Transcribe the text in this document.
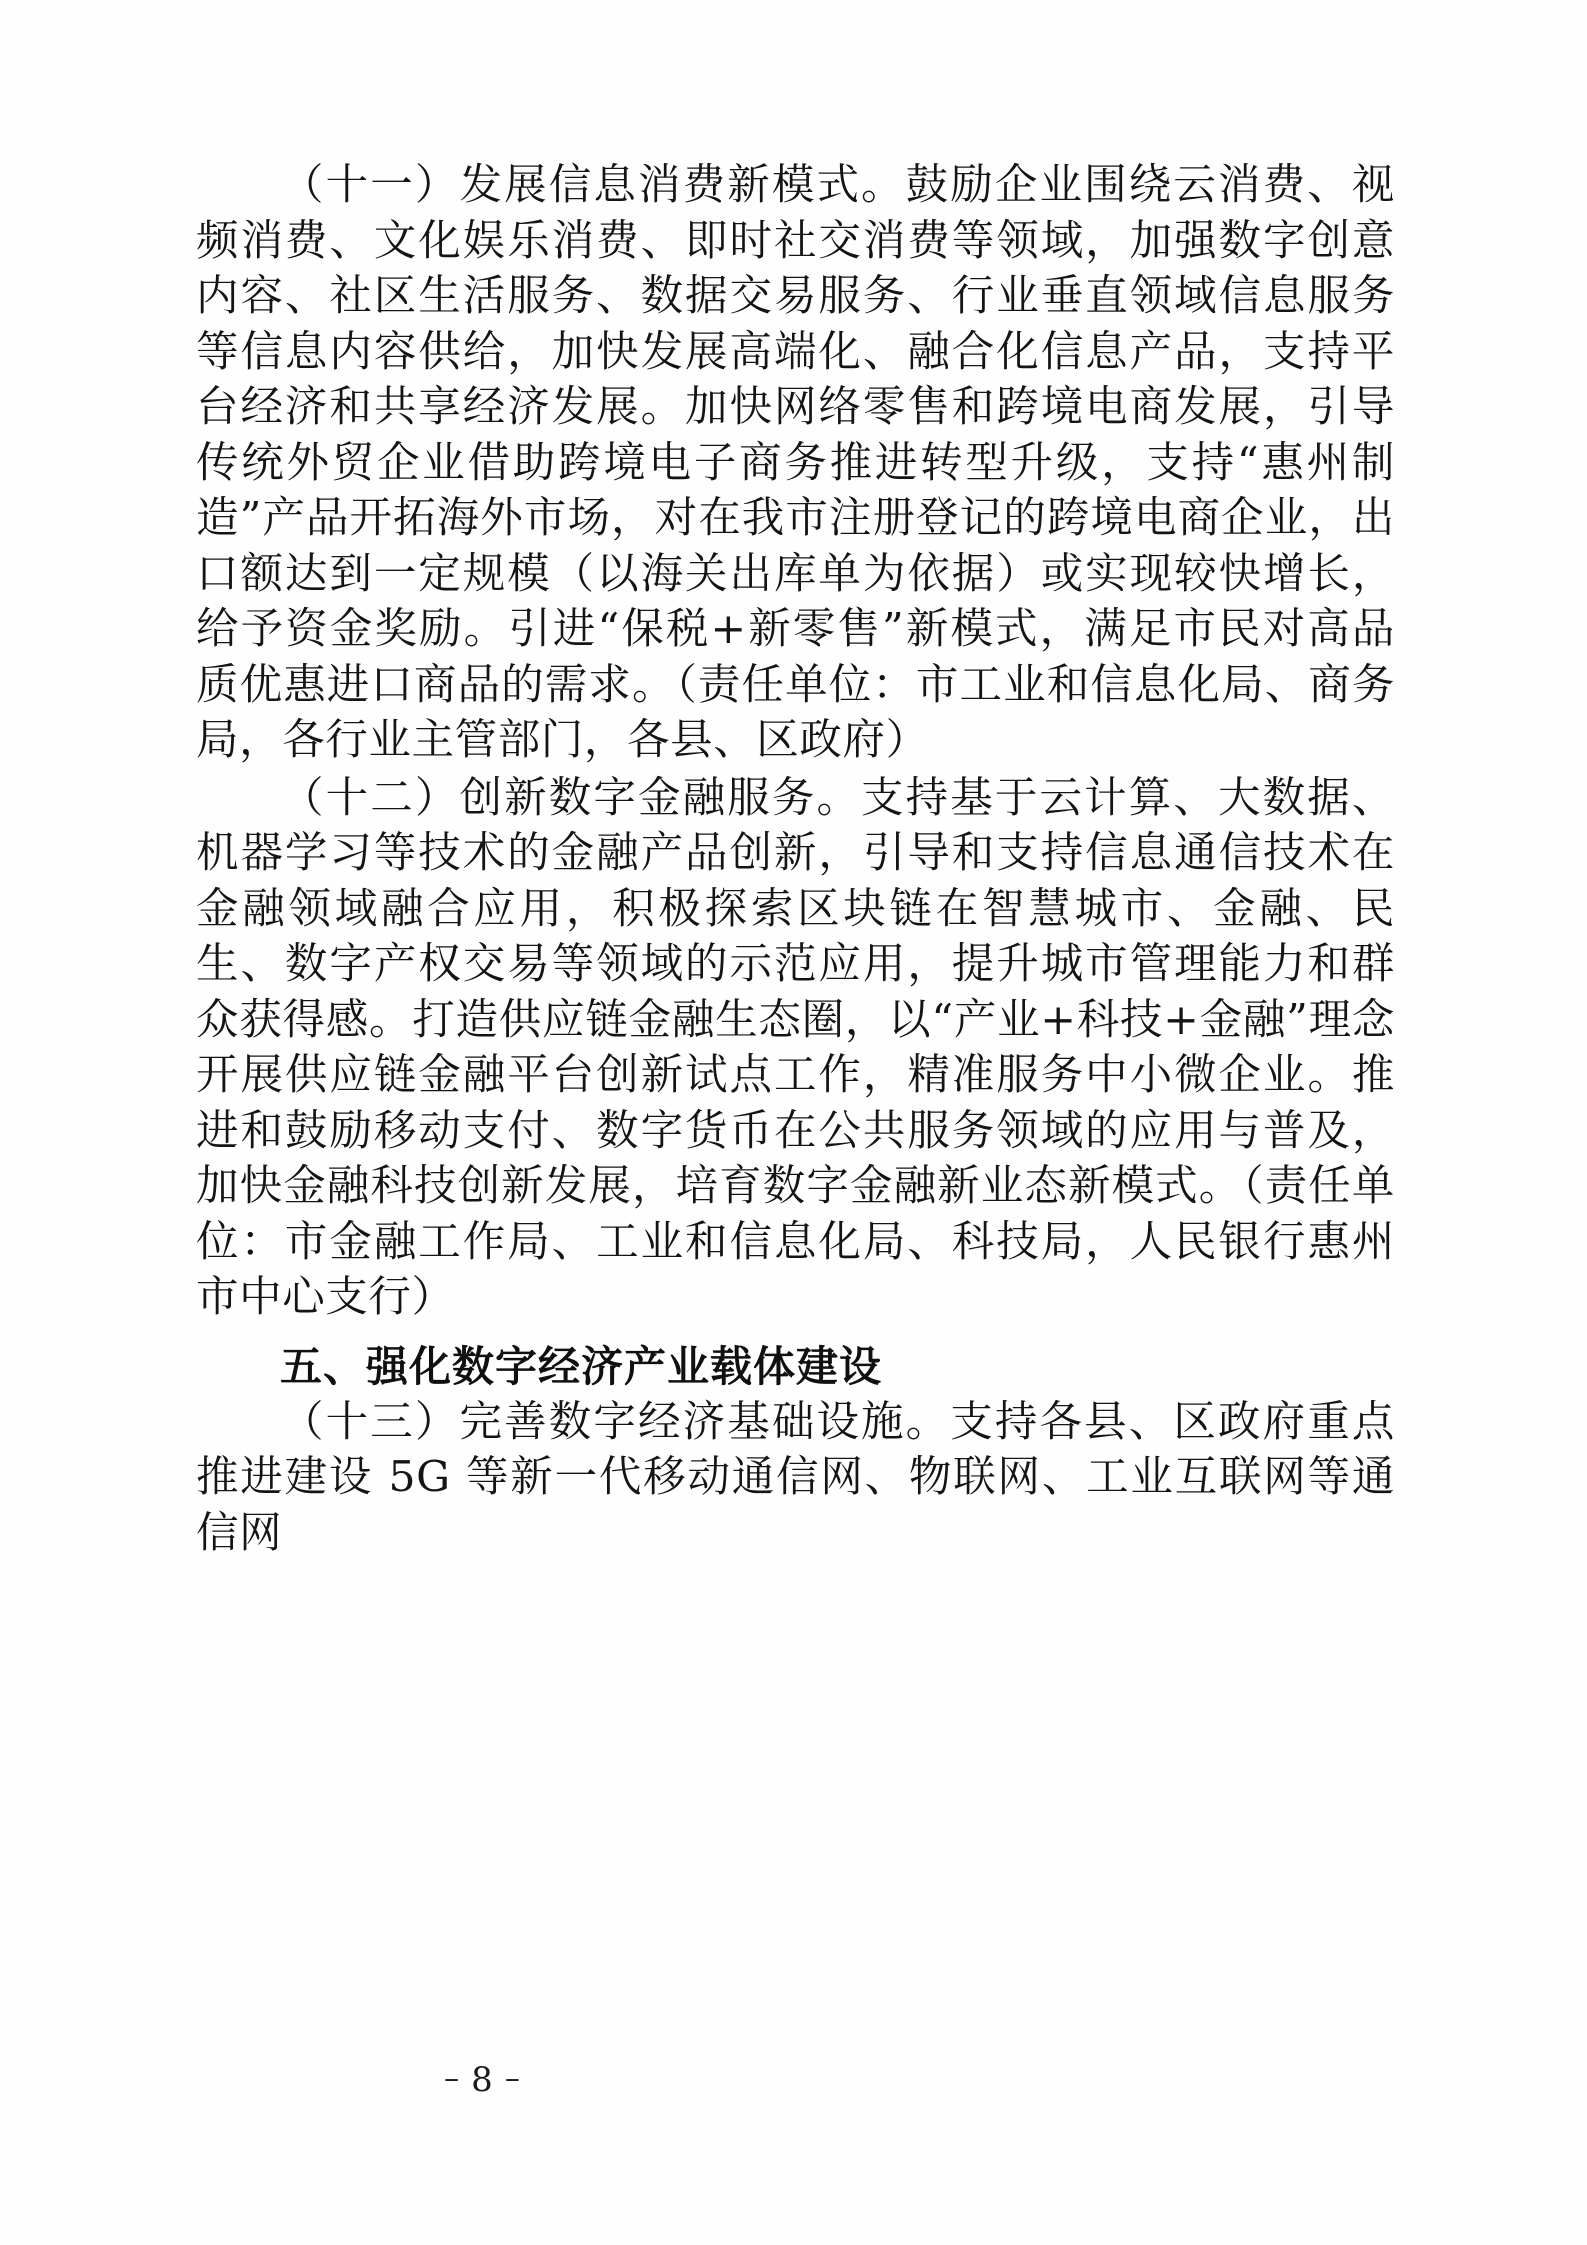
（十一）发展信息消费新模式。鼓励企业围绕云消费、视频消费、文化娱乐消费、即时社交消费等领域，加强数字创意内容、社区生活服务、数据交易服务、行业垂直领域信息服务等信息内容供给，加快发展高端化、融合化信息产品，支持平台经济和共享经济发展。加快网络零售和跨境电商发展，引导传统外贸企业借助跨境电子商务推进转型升级，支持“惠州制造”产品开拓海外市场，对在我市注册登记的跨境电商企业，出口额达到一定规模（以海关出库单为依据）或实现较快增长，给予资金奖励。引进“保税+新零售”新模式，满足市民对高品质优惠进口商品的需求。（责任单位：市工业和信息化局、商务局，各行业主管部门，各县、区政府）

（十二）创新数字金融服务。支持基于云计算、大数据、机器学习等技术的金融产品创新，引导和支持信息通信技术在金融领域融合应用，积极探索区块链在智慧城市、金融、民生、数字产权交易等领域的示范应用，提升城市管理能力和群众获得感。打造供应链金融生态圈，以“产业+科技+金融”理念开展供应链金融平台创新试点工作，精准服务中小微企业。推进和鼓励移动支付、数字货币在公共服务领域的应用与普及，加快金融科技创新发展，培育数字金融新业态新模式。（责任单位：市金融工作局、工业和信息化局、科技局，人民银行惠州市中心支行）

五、强化数字经济产业载体建设

（十三）完善数字经济基础设施。支持各县、区政府重点推进建设 5G 等新一代移动通信网、物联网、工业互联网等通信网

– 8 –
